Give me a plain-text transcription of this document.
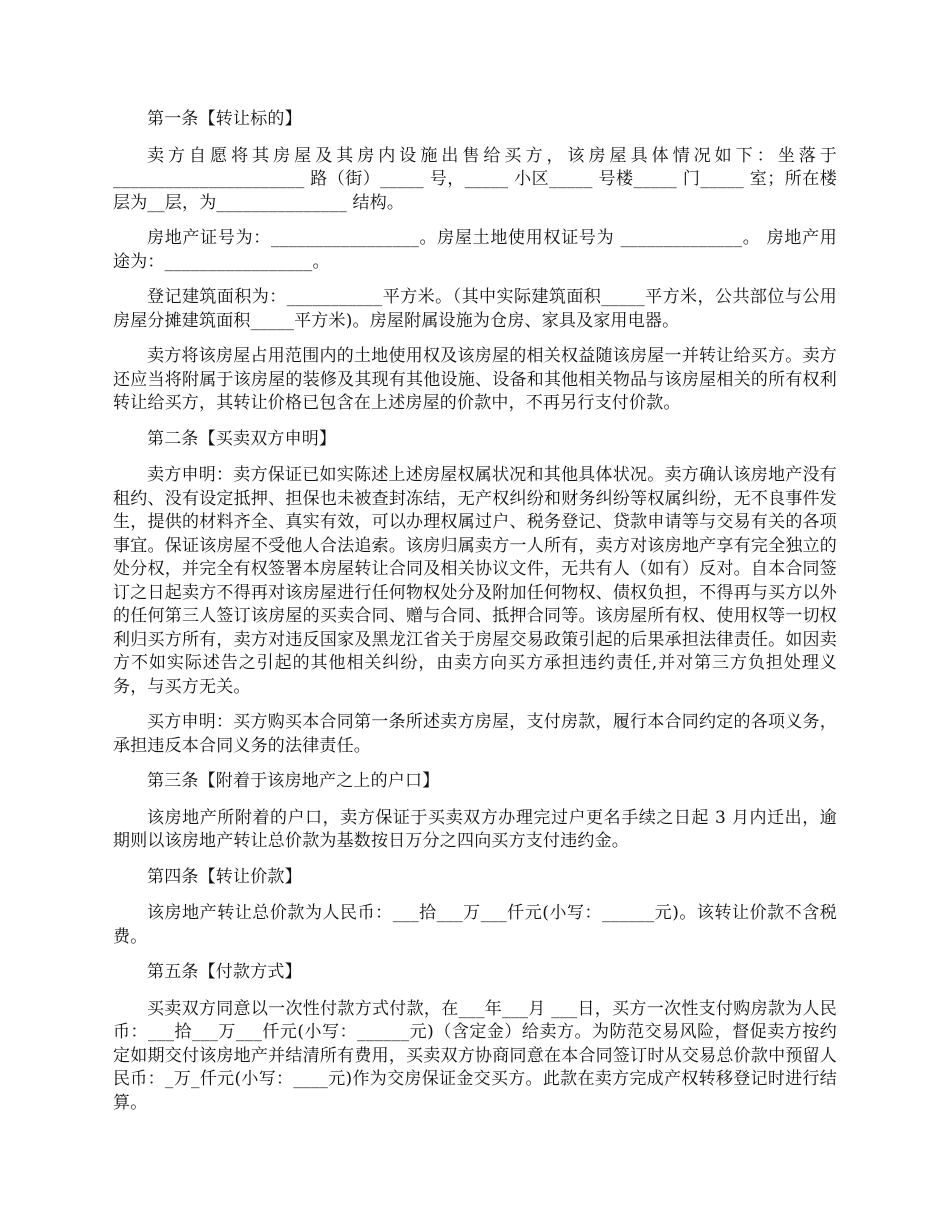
第一条【转让标的】

卖方自愿将其房屋及其房内设施出售给买方，该房屋具体情况如下：坐落于______________________ 路（街）_____ 号，_____ 小区_____ 号楼_____ 门_____ 室；所在楼层为__层，为_______________ 结构。

房地产证号为：_________________。房屋土地使用权证号为 ______________。 房地产用途为：_________________。

登记建筑面积为：___________平方米。（其中实际建筑面积_____平方米，公共部位与公用房屋分摊建筑面积_____平方米)。房屋附属设施为仓房、家具及家用电器。

卖方将该房屋占用范围内的土地使用权及该房屋的相关权益随该房屋一并转让给买方。卖方还应当将附属于该房屋的装修及其现有其他设施、设备和其他相关物品与该房屋相关的所有权利转让给买方，其转让价格已包含在上述房屋的价款中，不再另行支付价款。

第二条【买卖双方申明】

卖方申明：卖方保证已如实陈述上述房屋权属状况和其他具体状况。卖方确认该房地产没有租约、没有设定抵押、担保也未被查封冻结，无产权纠纷和财务纠纷等权属纠纷，无不良事件发生，提供的材料齐全、真实有效，可以办理权属过户、税务登记、贷款申请等与交易有关的各项事宜。保证该房屋不受他人合法追索。该房归属卖方一人所有，卖方对该房地产享有完全独立的处分权，并完全有权签署本房屋转让合同及相关协议文件，无共有人（如有）反对。自本合同签订之日起卖方不得再对该房屋进行任何物权处分及附加任何物权、债权负担，不得再与买方以外的任何第三人签订该房屋的买卖合同、赠与合同、抵押合同等。该房屋所有权、使用权等一切权利归买方所有，卖方对违反国家及黑龙江省关于房屋交易政策引起的后果承担法律责任。如因卖方不如实际述告之引起的其他相关纠纷，由卖方向买方承担违约责任,并对第三方负担处理义务，与买方无关。

买方申明：买方购买本合同第一条所述卖方房屋，支付房款，履行本合同约定的各项义务，承担违反本合同义务的法律责任。

第三条【附着于该房地产之上的户口】

该房地产所附着的户口，卖方保证于买卖双方办理完过户更名手续之日起 3 月内迁出，逾期则以该房地产转让总价款为基数按日万分之四向买方支付违约金。

第四条【转让价款】

该房地产转让总价款为人民币：___拾___万___仟元(小写：______元)。该转让价款不含税费。

第五条【付款方式】

买卖双方同意以一次性付款方式付款，在___年___月 ___日，买方一次性支付购房款为人民币：___拾___万___仟元(小写：______元)（含定金）给卖方。为防范交易风险，督促卖方按约定如期交付该房地产并结清所有费用，买卖双方协商同意在本合同签订时从交易总价款中预留人民币：_万_仟元(小写：____元)作为交房保证金交买方。此款在卖方完成产权转移登记时进行结算。
